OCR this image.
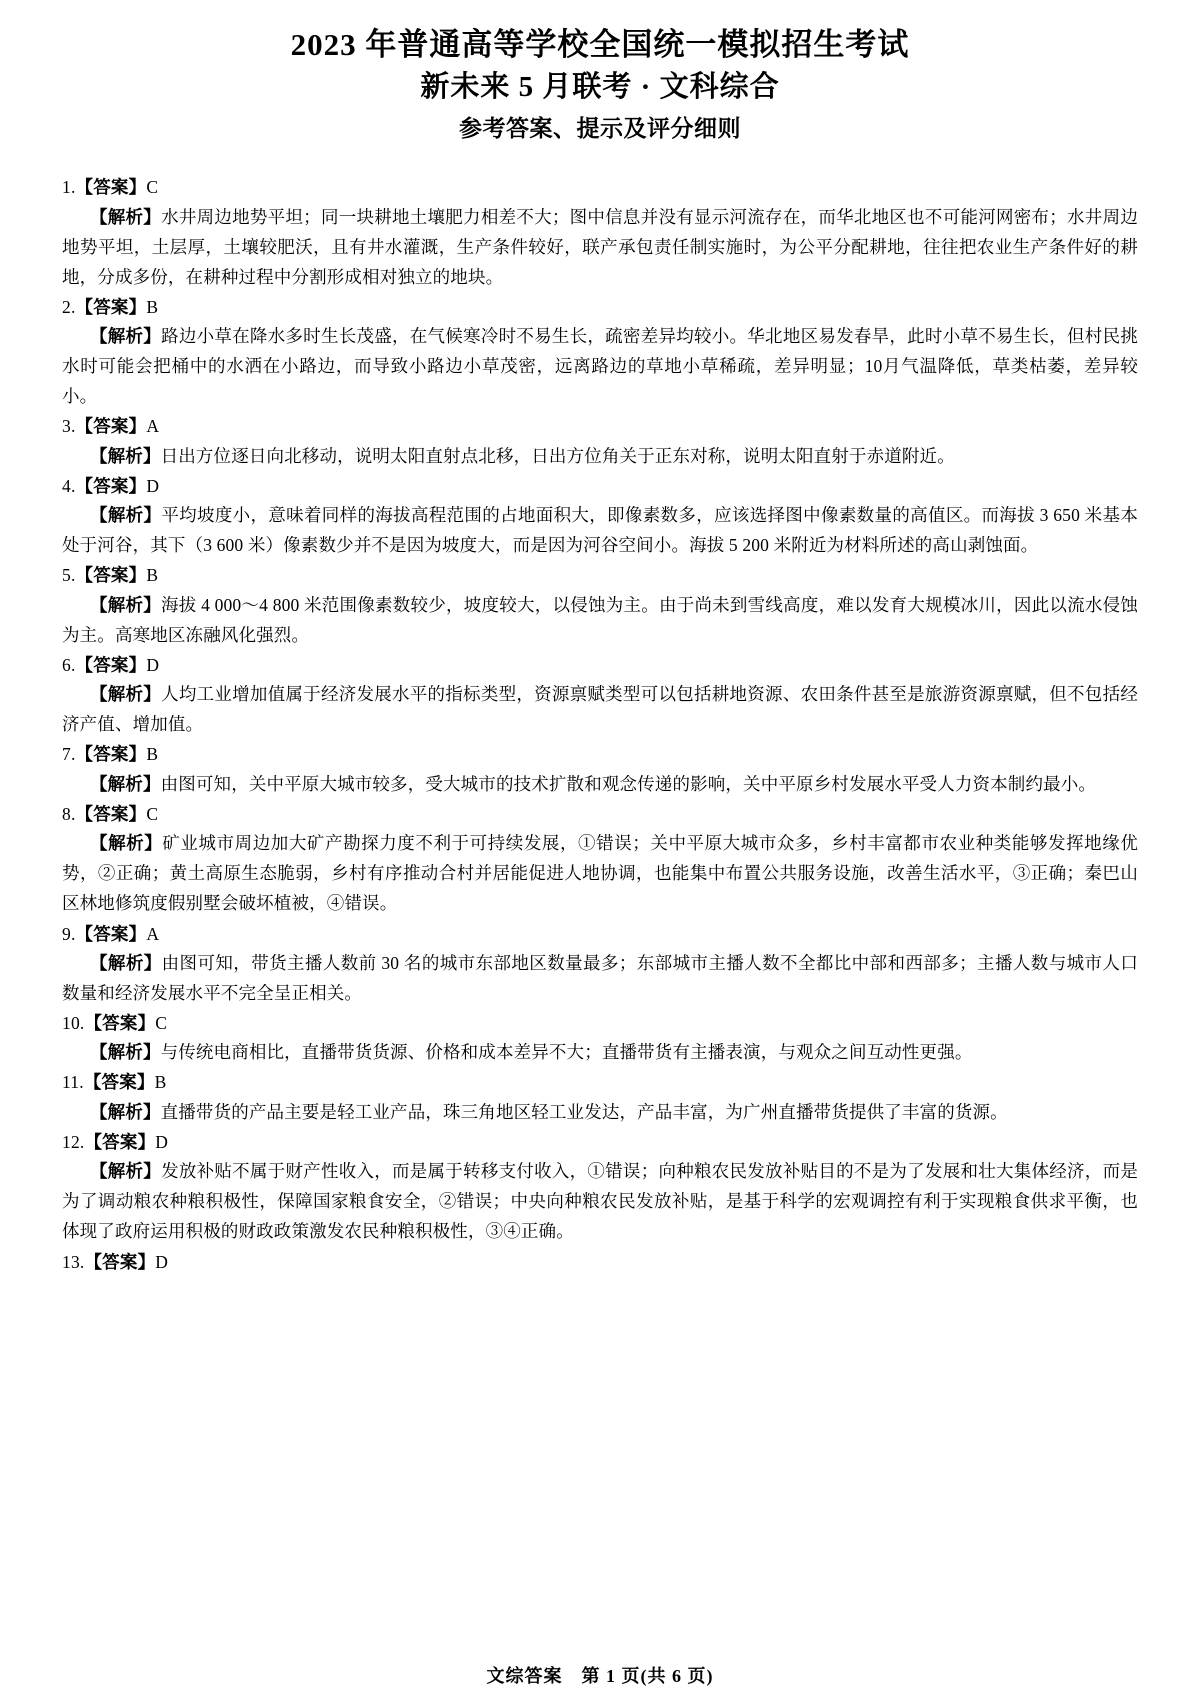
2023 年普通高等学校全国统一模拟招生考试
新未来 5 月联考 · 文科综合
参考答案、提示及评分细则
1.【答案】C
【解析】水井周边地势平坦；同一块耕地土壤肥力相差不大；图中信息并没有显示河流存在，而华北地区也不可能河网密布；水井周边地势平坦，土层厚，土壤较肥沃，且有井水灌溉，生产条件较好，联产承包责任制实施时，为公平分配耕地，往往把农业生产条件好的耕地，分成多份，在耕种过程中分割形成相对独立的地块。
2.【答案】B
【解析】路边小草在降水多时生长茂盛，在气候寒冷时不易生长，疏密差异均较小。华北地区易发春旱，此时小草不易生长，但村民挑水时可能会把桶中的水洒在小路边，而导致小路边小草茂密，远离路边的草地小草稀疏，差异明显；10月气温降低，草类枯萎，差异较小。
3.【答案】A
【解析】日出方位逐日向北移动，说明太阳直射点北移，日出方位角关于正东对称，说明太阳直射于赤道附近。
4.【答案】D
【解析】平均坡度小，意味着同样的海拔高程范围的占地面积大，即像素数多，应该选择图中像素数量的高值区。而海拔 3 650 米基本处于河谷，其下（3 600 米）像素数少并不是因为坡度大，而是因为河谷空间小。海拔 5 200 米附近为材料所述的高山剥蚀面。
5.【答案】B
【解析】海拔 4 000～4 800 米范围像素数较少，坡度较大，以侵蚀为主。由于尚未到雪线高度，难以发育大规模冰川，因此以流水侵蚀为主。高寒地区冻融风化强烈。
6.【答案】D
【解析】人均工业增加值属于经济发展水平的指标类型，资源禀赋类型可以包括耕地资源、农田条件甚至是旅游资源禀赋，但不包括经济产值、增加值。
7.【答案】B
【解析】由图可知，关中平原大城市较多，受大城市的技术扩散和观念传递的影响，关中平原乡村发展水平受人力资本制约最小。
8.【答案】C
【解析】矿业城市周边加大矿产勘探力度不利于可持续发展，①错误；关中平原大城市众多，乡村丰富都市农业种类能够发挥地缘优势，②正确；黄土高原生态脆弱，乡村有序推动合村并居能促进人地协调，也能集中布置公共服务设施，改善生活水平，③正确；秦巴山区林地修筑度假别墅会破坏植被，④错误。
9.【答案】A
【解析】由图可知，带货主播人数前 30 名的城市东部地区数量最多；东部城市主播人数不全都比中部和西部多；主播人数与城市人口数量和经济发展水平不完全呈正相关。
10.【答案】C
【解析】与传统电商相比，直播带货货源、价格和成本差异不大；直播带货有主播表演，与观众之间互动性更强。
11.【答案】B
【解析】直播带货的产品主要是轻工业产品，珠三角地区轻工业发达，产品丰富，为广州直播带货提供了丰富的货源。
12.【答案】D
【解析】发放补贴不属于财产性收入，而是属于转移支付收入，①错误；向种粮农民发放补贴目的不是为了发展和壮大集体经济，而是为了调动粮农种粮积极性，保障国家粮食安全，②错误；中央向种粮农民发放补贴，是基于科学的宏观调控有利于实现粮食供求平衡，也体现了政府运用积极的财政政策激发农民种粮积极性，③④正确。
13.【答案】D
文综答案　第 1 页(共 6 页)
